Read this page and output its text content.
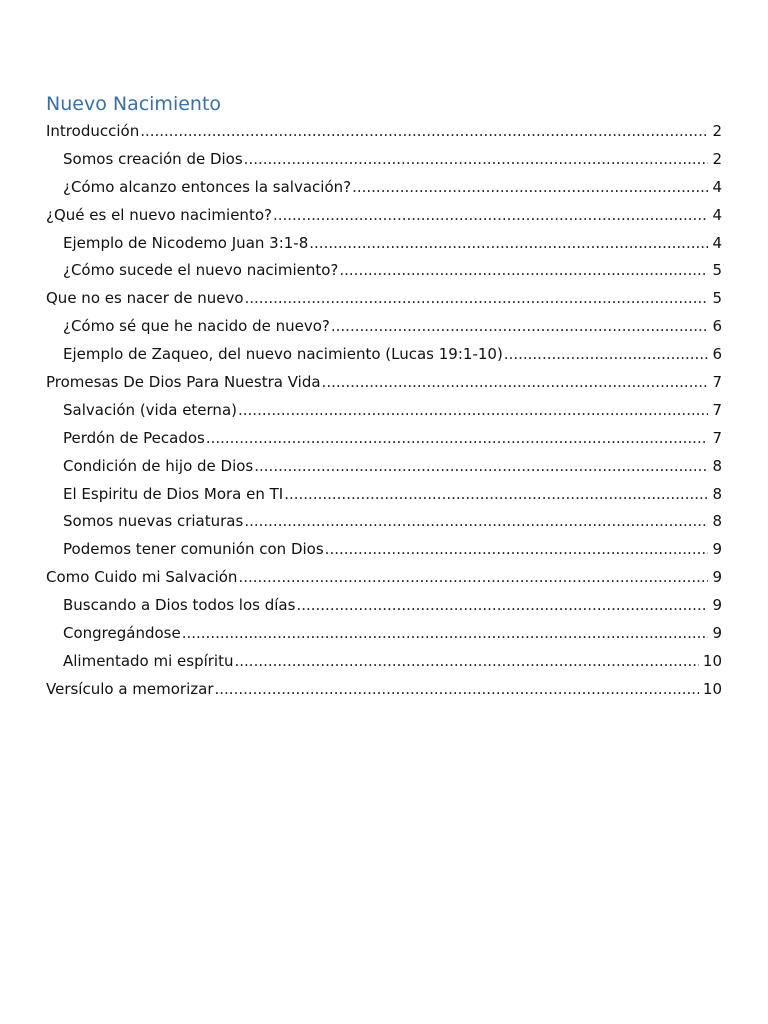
Nuevo Nacimiento
Introducción .....	2
Somos creación de Dios .....	2
¿Cómo alcanzo entonces la salvación? .....	4
¿Qué es el nuevo nacimiento? .....	4
Ejemplo de Nicodemo Juan 3:1-8 .....	4
¿Cómo sucede el nuevo nacimiento? .....	5
Que no es nacer de nuevo .....	5
¿Cómo sé que he nacido de nuevo? .....	6
Ejemplo de Zaqueo, del nuevo nacimiento (Lucas 19:1-10) .....	6
Promesas De Dios Para Nuestra Vida .....	7
Salvación (vida eterna) .....	7
Perdón de Pecados .....	7
Condición de hijo de Dios .....	8
El Espiritu de Dios Mora en TI .....	8
Somos nuevas criaturas .....	8
Podemos tener comunión con Dios .....	9
Como Cuido mi Salvación .....	9
Buscando a Dios todos los días .....	9
Congregándose .....	9
Alimentado mi espíritu .....	10
Versículo a memorizar .....	10
